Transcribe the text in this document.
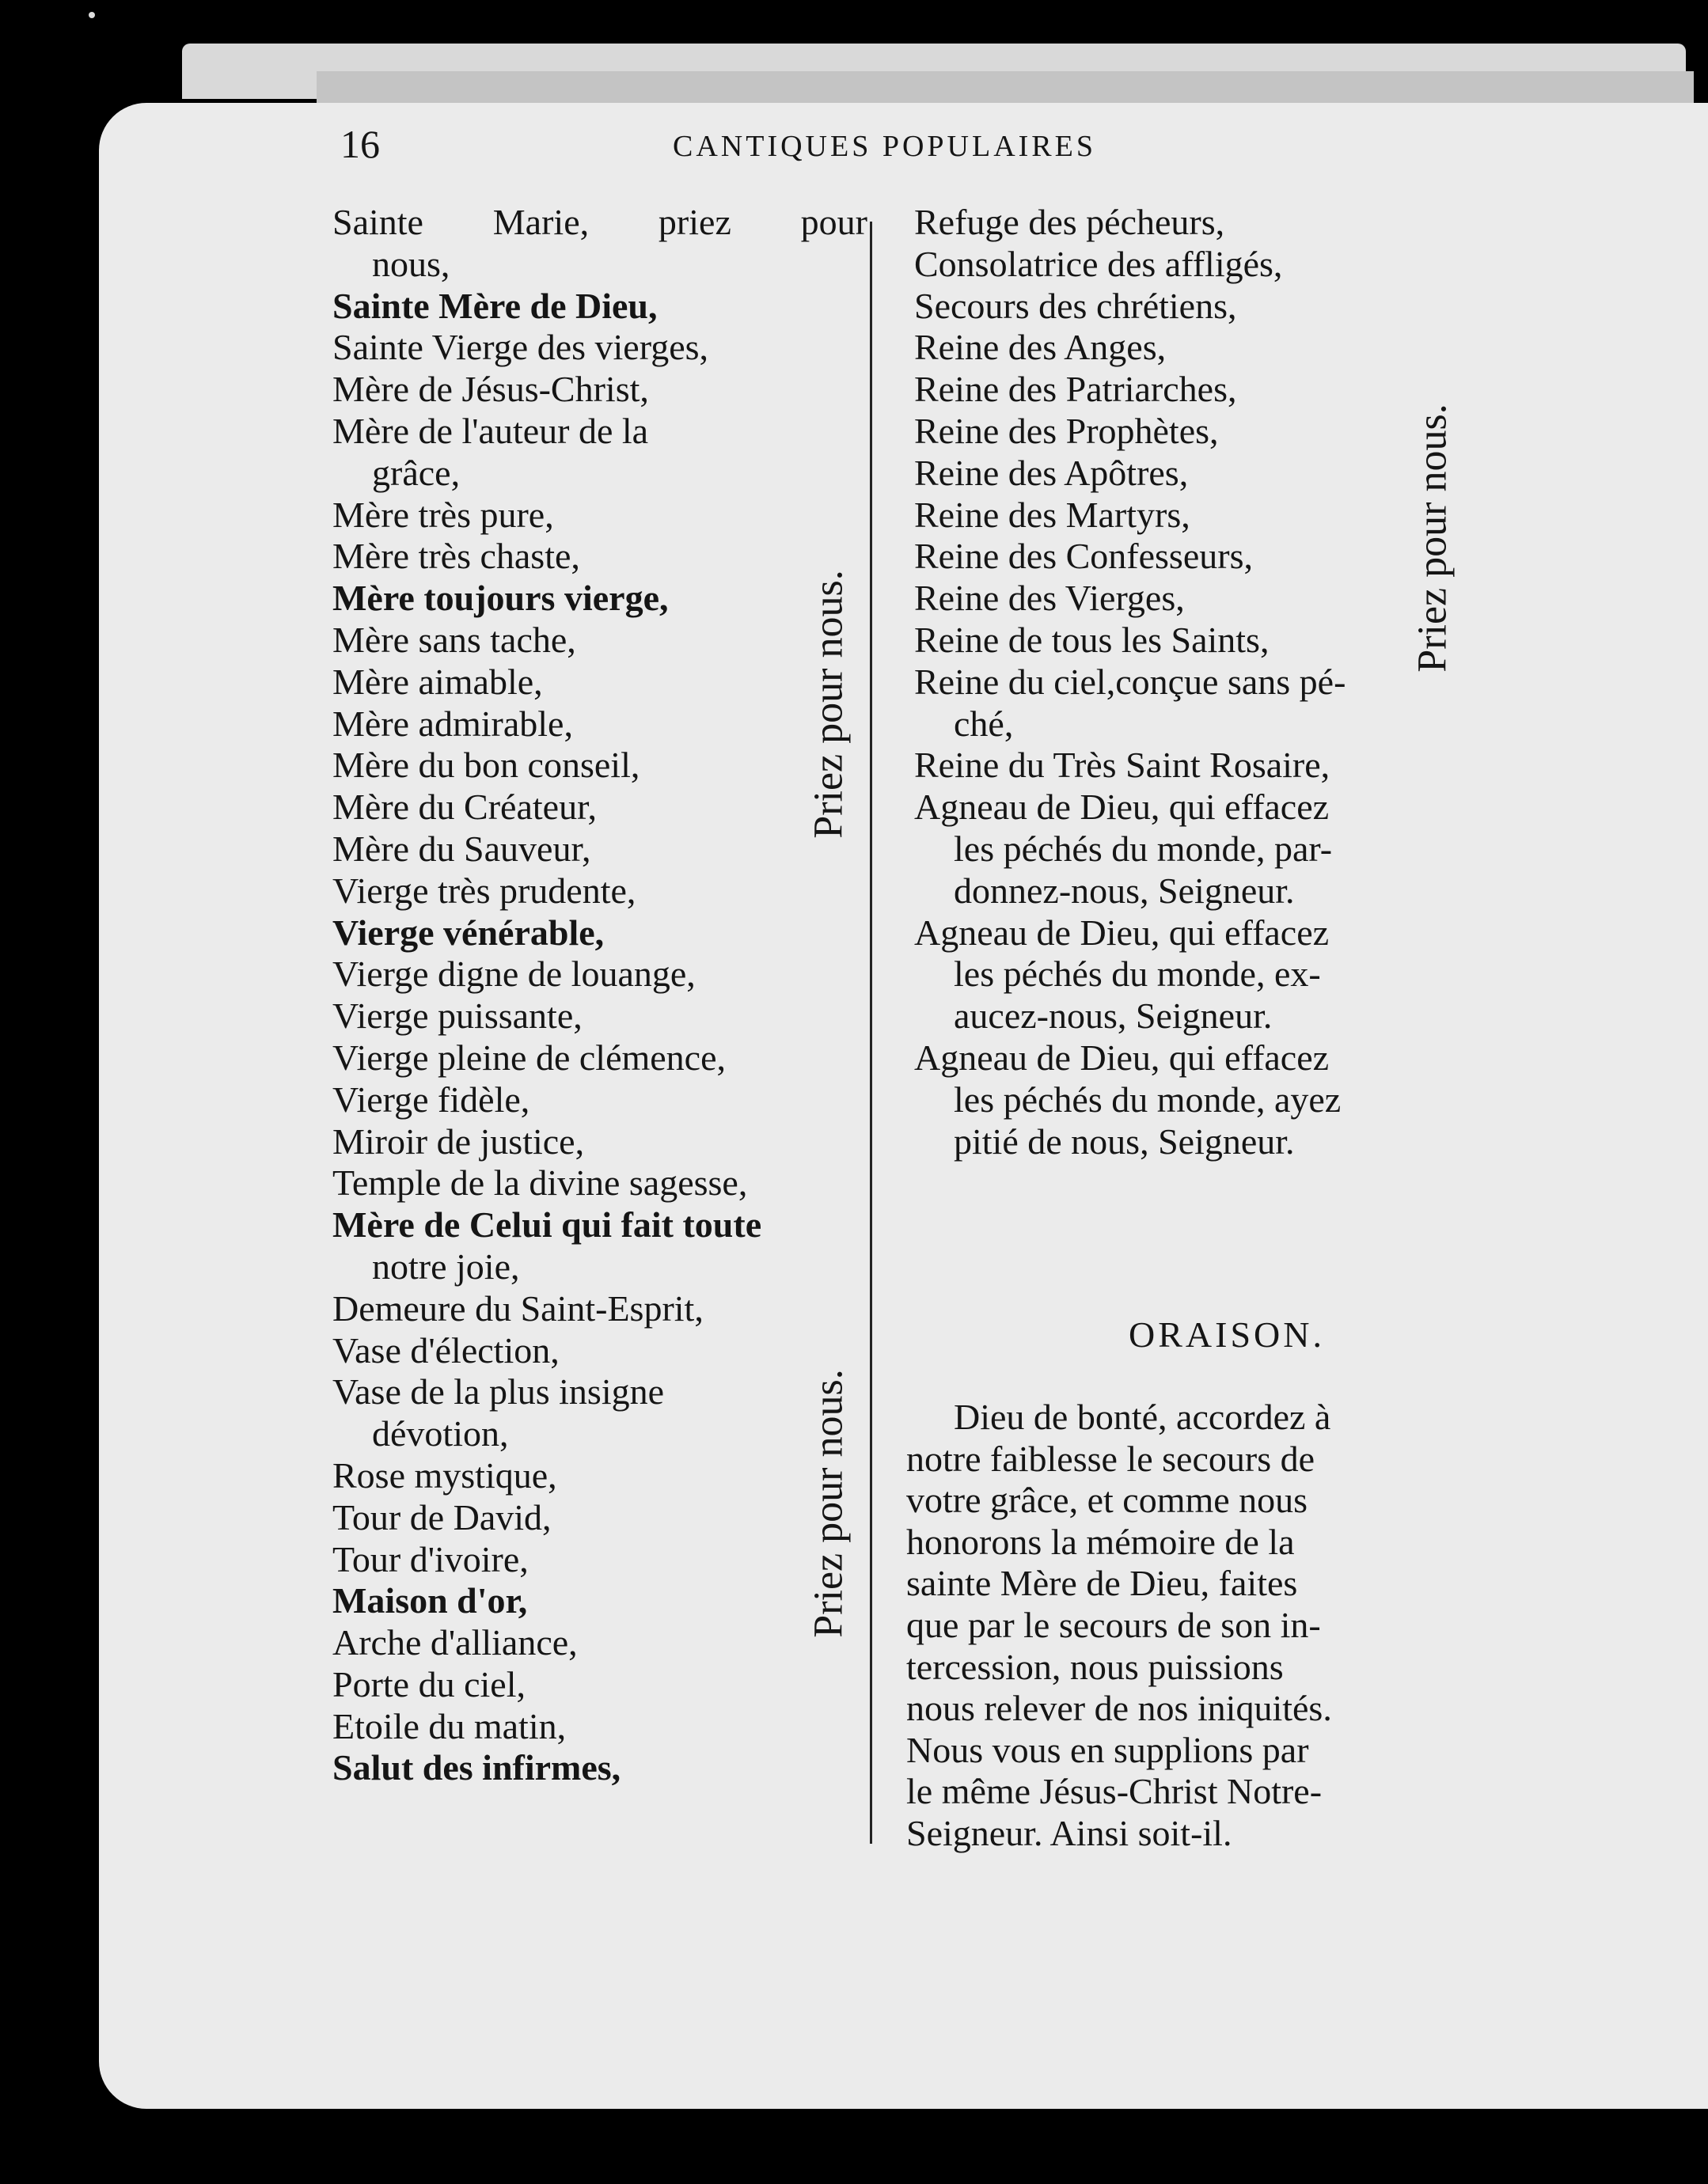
16	CANTIQUES POPULAIRES
Sainte Marie, priez pour
nous,
Sainte Mère de Dieu,
Sainte Vierge des vierges,
Mère de Jésus-Christ,
Mère de l'auteur de la
grâce,
Mère très pure,
Mère très chaste,
Mère toujours vierge,
Mère sans tache,
Mère aimable,
Mère admirable,
Mère du bon conseil,
Mère du Créateur,
Mère du Sauveur,
Vierge très prudente,
Vierge vénérable,
Vierge digne de louange,
Vierge puissante,
Vierge pleine de clémence,
Vierge fidèle,
Miroir de justice,
Temple de la divine sagesse,
Mère de Celui qui fait toute
notre joie,
Demeure du Saint-Esprit,
Vase d'élection,
Vase de la plus insigne
dévotion,
Rose mystique,
Tour de David,
Tour d'ivoire,
Maison d'or,
Arche d'alliance,
Porte du ciel,
Etoile du matin,
Salut des infirmes,
Priez pour nous.
Priez pour nous.
Priez pour nous.
Refuge des pécheurs,
Consolatrice des affligés,
Secours des chrétiens,
Reine des Anges,
Reine des Patriarches,
Reine des Prophètes,
Reine des Apôtres,
Reine des Martyrs,
Reine des Confesseurs,
Reine des Vierges,
Reine de tous les Saints,
Reine du ciel,conçue sans pé-
ché,
Reine du Très Saint Rosaire,
Agneau de Dieu, qui effacez
les péchés du monde, par-
donnez-nous, Seigneur.
Agneau de Dieu, qui effacez
les péchés du monde, ex-
aucez-nous, Seigneur.
Agneau de Dieu, qui effacez
les péchés du monde, ayez
pitié de nous, Seigneur.
ORAISON.
Dieu de bonté, accordez à
notre faiblesse le secours de
votre grâce, et comme nous
honorons la mémoire de la
sainte Mère de Dieu, faites
que par le secours de son in-
tercession, nous puissions
nous relever de nos iniquités.
Nous vous en supplions par
le même Jésus-Christ Notre-
Seigneur. Ainsi soit-il.
